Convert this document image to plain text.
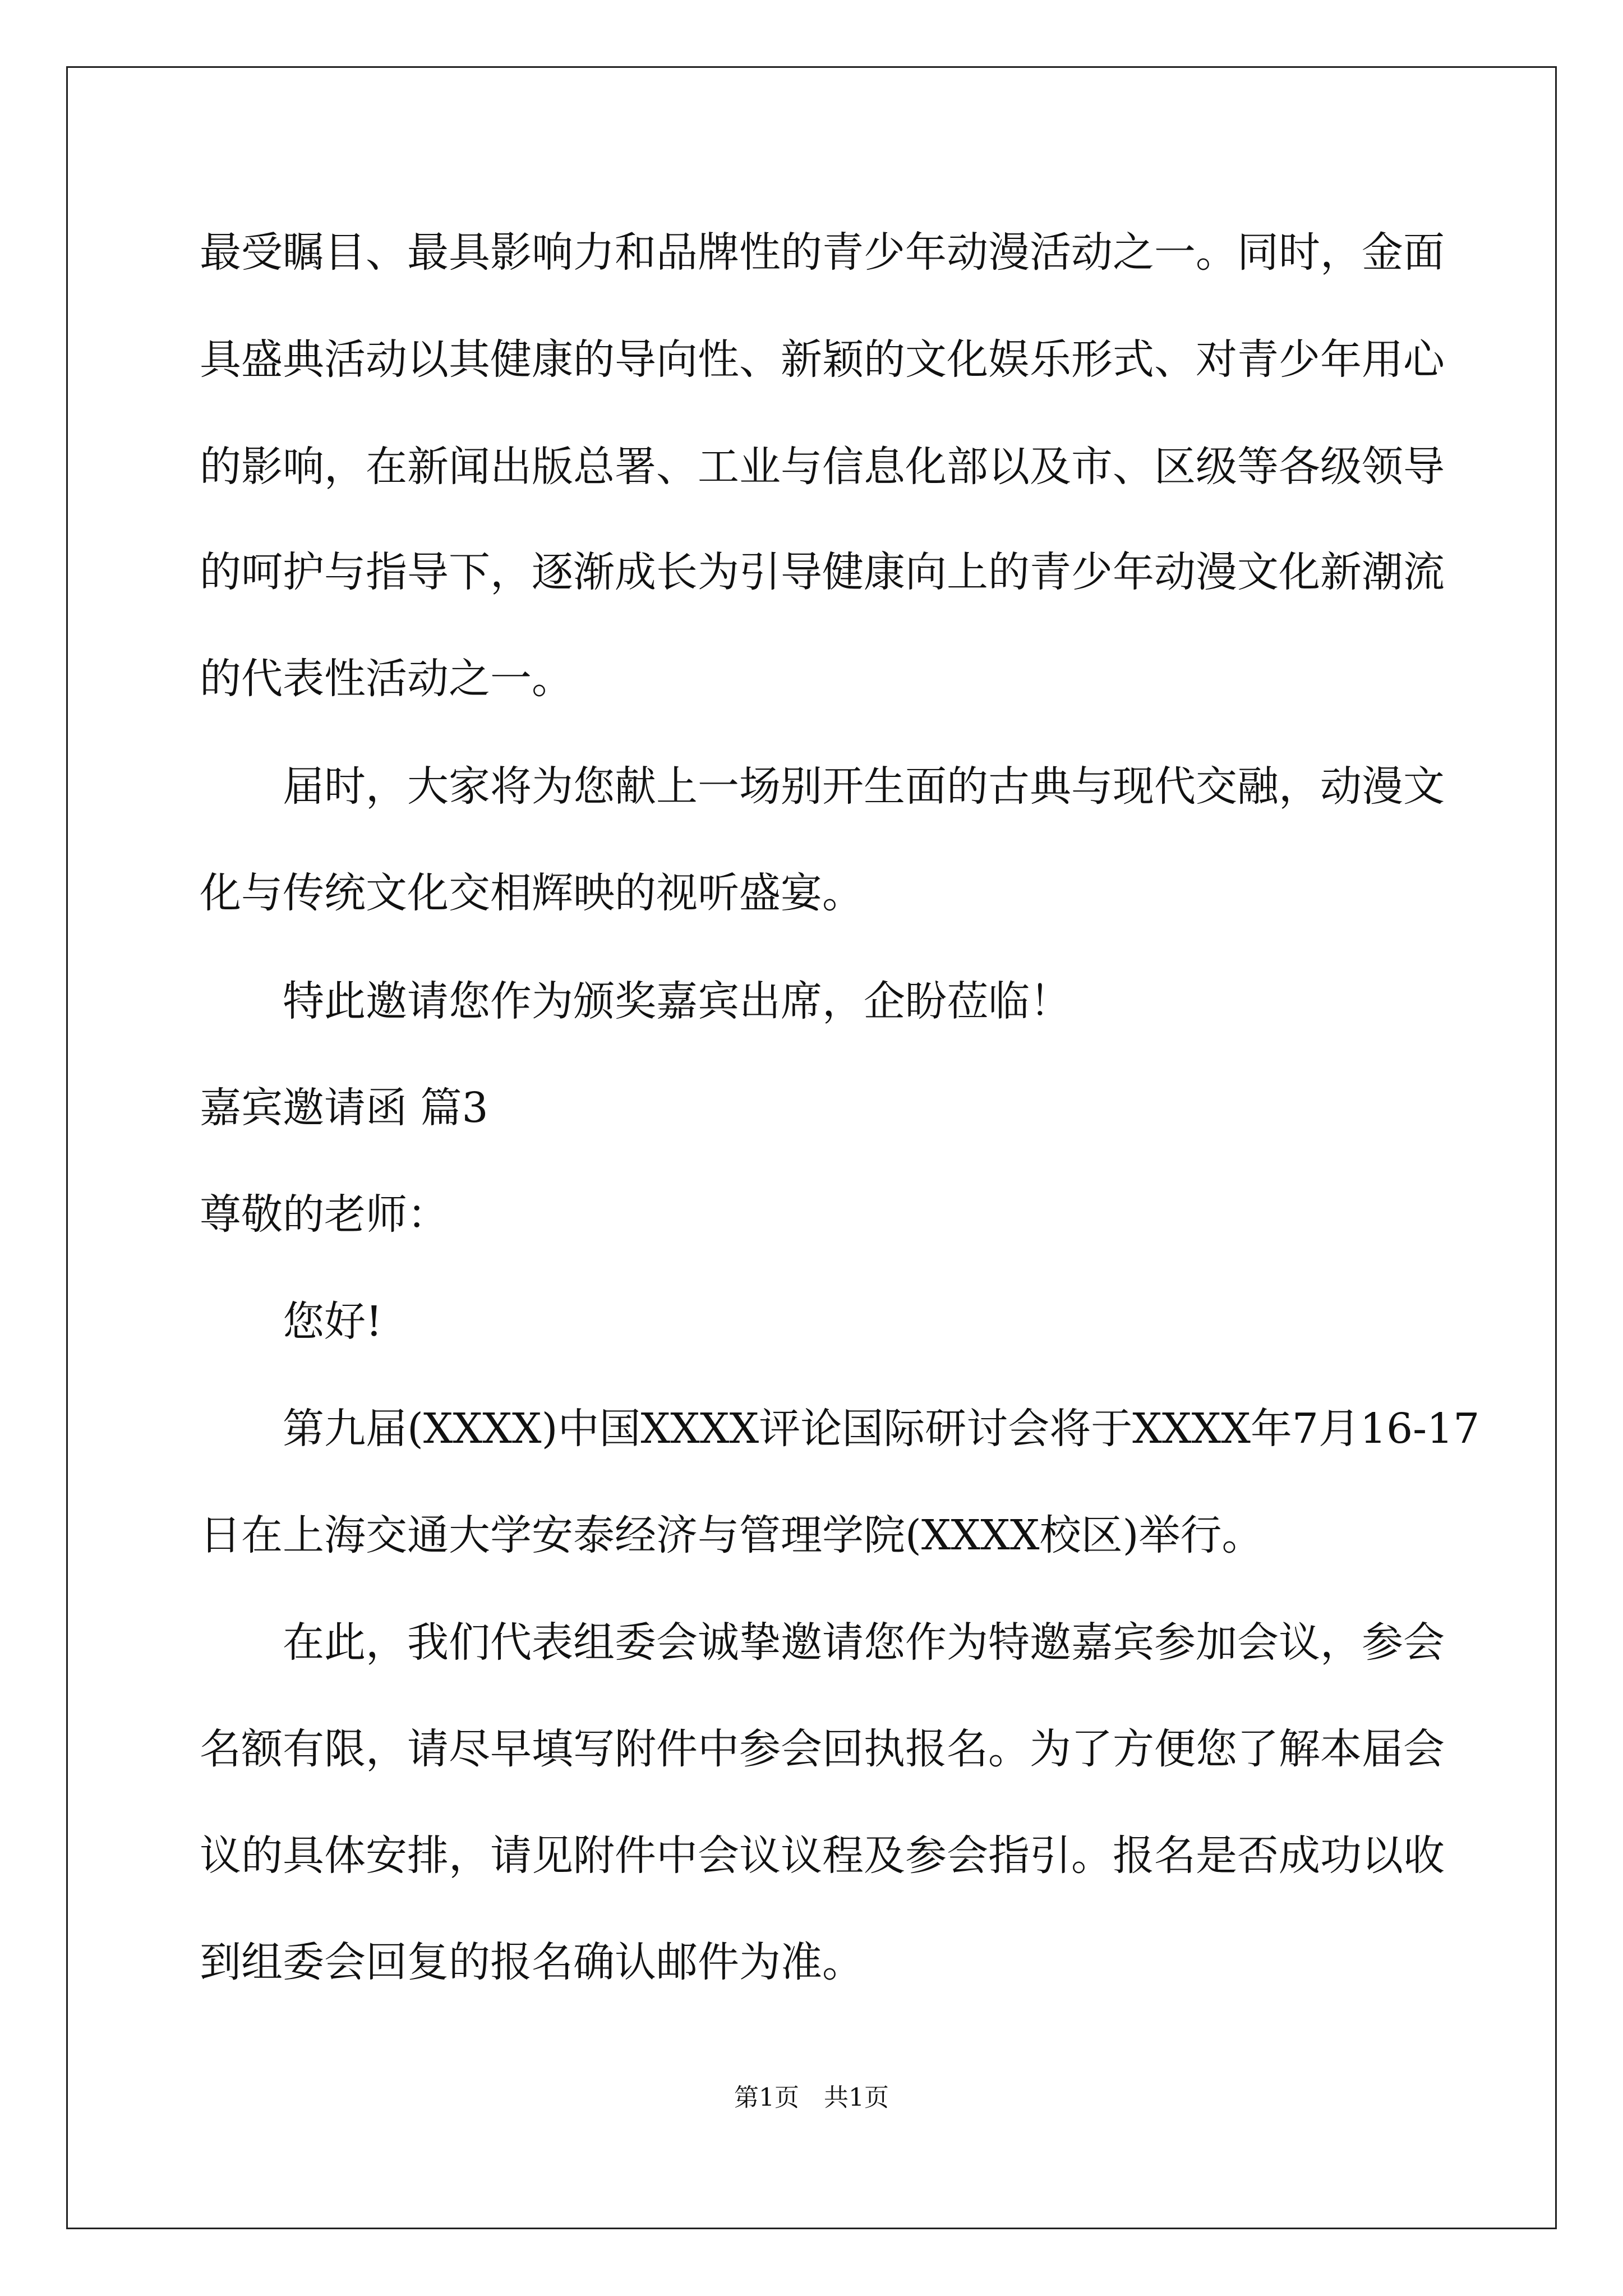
最受瞩目、最具影响力和品牌性的青少年动漫活动之一。同时，金面
具盛典活动以其健康的导向性、新颖的文化娱乐形式、对青少年用心
的影响，在新闻出版总署、工业与信息化部以及市、区级等各级领导
的呵护与指导下，逐渐成长为引导健康向上的青少年动漫文化新潮流
的代表性活动之一。
届时，大家将为您献上一场别开生面的古典与现代交融，动漫文
化与传统文化交相辉映的视听盛宴。
特此邀请您作为颁奖嘉宾出席，企盼莅临！
嘉宾邀请函 篇3
尊敬的老师：
您好!
第九届(XXXX)中国XXXX评论国际研讨会将于XXXX年7月16-17
日在上海交通大学安泰经济与管理学院(XXXX校区)举行。
在此，我们代表组委会诚挚邀请您作为特邀嘉宾参加会议，参会
名额有限，请尽早填写附件中参会回执报名。为了方便您了解本届会
议的具体安排，请见附件中会议议程及参会指引。报名是否成功以收
到组委会回复的报名确认邮件为准。
第1页　共1页
